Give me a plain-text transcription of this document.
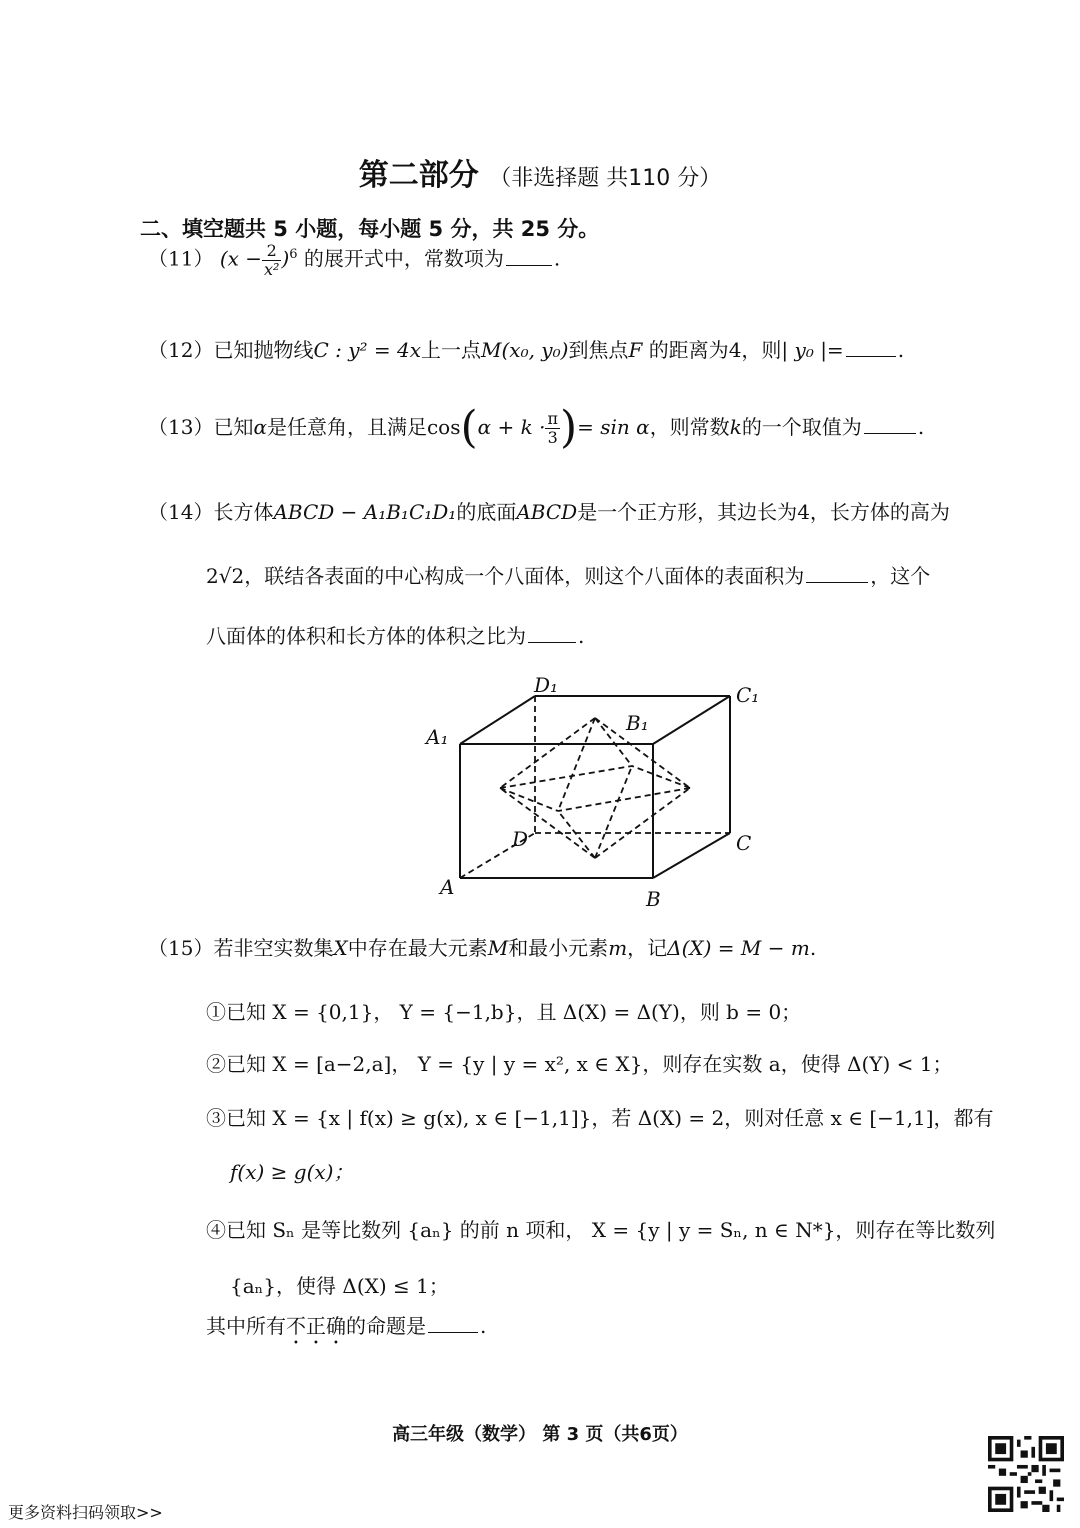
第二部分 （非选择题 共110 分）
二、填空题共 5 小题，每小题 5 分，共 25 分。
（11） $(x - \frac{2}{\text{x²}} )^6$ 的展开式中，常数项为	.
（12）已知抛物线C : y² = 4x上一点M(x₀, y₀)到焦点F 的距离为4，则| y₀ |=	.
（13）已知α是任意角，且满足$\cos(\alpha + k \cdot \frac{\pi}{3}$ )= sin α，则常数k的一个取值为	.
（14）长方体ABCD − A₁B₁C₁D₁的底面ABCD是一个正方形，其边长为4，长方体的高为
2√2，联结各表面的中心构成一个八面体，则这个八面体的表面积为	，这个
八面体的体积和长方体的体积之比为	.
D₁	C₁
A₁
B₁
D	C
A	B
（15）若非空实数集X中存在最大元素M和最小元素m，记Δ(X) = M − m.
①已知 X = {0,1}， Y = {−1,b}，且 Δ(X) = Δ(Y)，则 b = 0；
②已知 X = [a−2,a]， Y = {y | y = x², x ∈ X}，则存在实数 a，使得 Δ(Y) < 1；
③已知 X = {x | f(x) ≥ g(x), x ∈ [−1,1]}，若 Δ(X) = 2，则对任意 x ∈ [−1,1]，都有
f(x) ≥ g(x)；
④已知 Sₙ 是等比数列 {aₙ} 的前 n 项和， X = {y | y = Sₙ, n ∈ N*}，则存在等比数列
{aₙ}，使得 Δ(X) ≤ 1；
其中所有不正确的命题是	.
高三年级（数学） 第 3 页（共6页）
更多资料扫码领取>>
